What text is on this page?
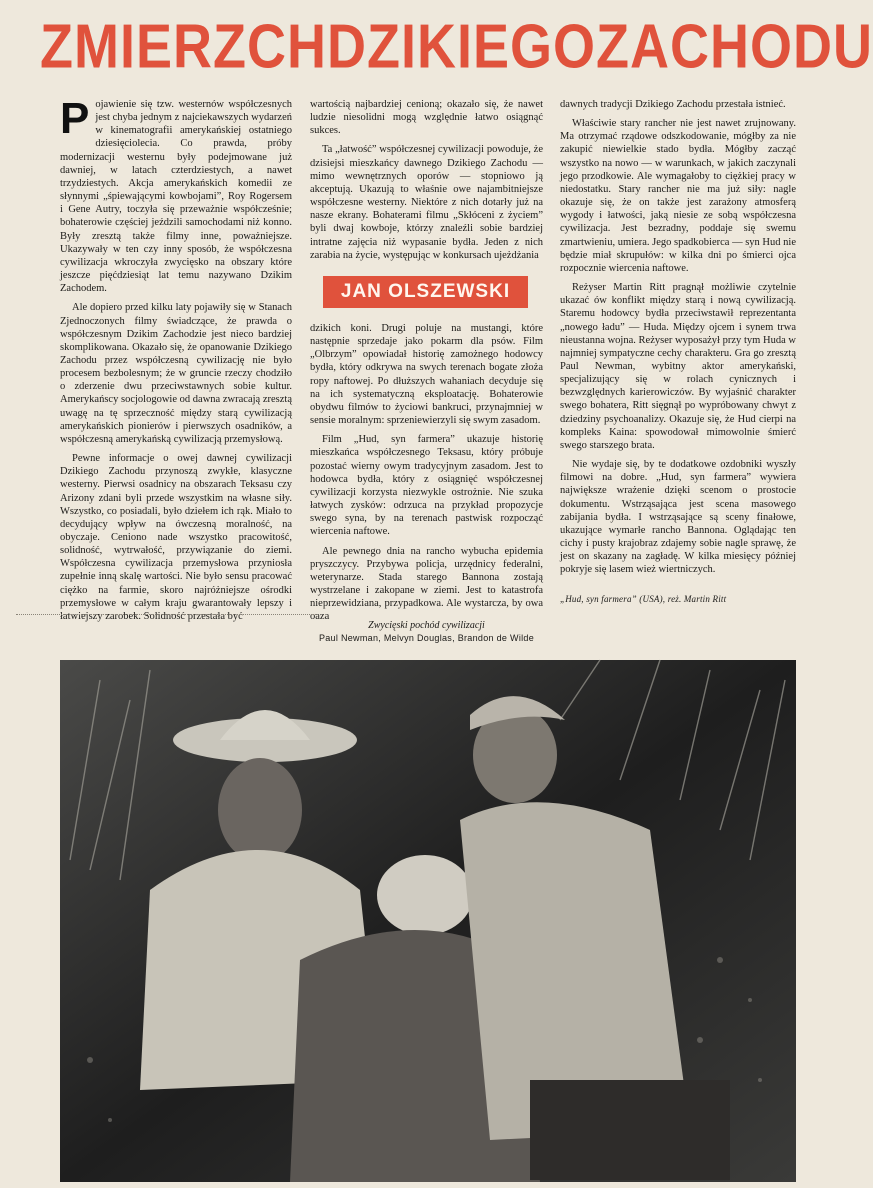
ZMIERZCH DZIKIEGO ZACHODU

Pojawienie się tzw. westernów współczesnych jest chyba jednym z najciekawszych wydarzeń w kinematografii amerykańskiej ostatniego dziesięciolecia. Co prawda, próby modernizacji westernu były podejmowane już dawniej, w latach czterdziestych, a nawet trzydziestych. Akcja amerykańskich komedii ze słynnymi „śpiewającymi kowbojami”, Roy Rogersem i Gene Autry, toczyła się przeważnie współcześnie; bohaterowie częściej jeździli samochodami niż konno. Były zresztą także filmy inne, poważniejsze. Ukazywały w ten czy inny sposób, że współczesna cywilizacja wkroczyła zwycięsko na obszary które jeszcze pięćdziesiąt lat temu nazywano Dzikim Zachodem.

Ale dopiero przed kilku laty pojawiły się w Stanach Zjednoczonych filmy świadczące, że prawda o współczesnym Dzikim Zachodzie jest nieco bardziej skomplikowana. Okazało się, że opanowanie Dzikiego Zachodu przez współczesną cywilizację nie było procesem bezbolesnym; że w gruncie rzeczy chodziło o zderzenie dwu przeciwstawnych sobie kultur. Amerykańscy socjologowie od dawna zwracają zresztą uwagę na tę sprzeczność między starą cywilizacją amerykańskich pionierów i pierwszych osadników, a współczesną amerykańską cywilizacją przemysłową.

Pewne informacje o owej dawnej cywilizacji Dzikiego Zachodu przynoszą zwykłe, klasyczne westerny. Pierwsi osadnicy na obszarach Teksasu czy Arizony zdani byli przede wszystkim na własne siły. Wszystko, co posiadali, było dziełem ich rąk. Miało to decydujący wpływ na ówczesną moralność, na obyczaje. Ceniono nade wszystko pracowitość, solidność, wytrwałość, przywiązanie do ziemi. Współczesna cywilizacja przemysłowa przyniosła zupełnie inną skalę wartości. Nie było sensu pracować ciężko na farmie, skoro najróżniejsze ośrodki przemysłowe w całym kraju gwarantowały lepszy i łatwiejszy zarobek. Solidność przestała być

wartością najbardziej cenioną; okazało się, że nawet ludzie niesolidni mogą względnie łatwo osiągnąć sukces.

Ta „łatwość” współczesnej cywilizacji powoduje, że dzisiejsi mieszkańcy dawnego Dzikiego Zachodu — mimo wewnętrznych oporów — stopniowo ją akceptują. Ukazują to właśnie owe najambitniejsze współczesne westerny. Niektóre z nich dotarły już na nasze ekrany. Bohaterami filmu „Skłóceni z życiem” byli dwaj kowboje, którzy znaleźli sobie bardziej intratne zajęcia niż wypasanie bydła. Jeden z nich zarabia na życie, występując w konkursach ujeżdżania

JAN OLSZEWSKI

dzikich koni. Drugi poluje na mustangi, które następnie sprzedaje jako pokarm dla psów. Film „Olbrzym” opowiadał historię zamożnego hodowcy bydła, który odkrywa na swych terenach bogate złoża ropy naftowej. Po dłuższych wahaniach decyduje się na ich systematyczną eksploatację. Bohaterowie obydwu filmów to życiowi bankruci, przynajmniej w sensie moralnym: sprzeniewierzyli się swym zasadom.

Film „Hud, syn farmera” ukazuje historię mieszkańca współczesnego Teksasu, który próbuje pozostać wierny owym tradycyjnym zasadom. Jest to hodowca bydła, który z osiągnięć współczesnej cywilizacji korzysta niezwykle ostrożnie. Nie szuka łatwych zysków: odrzuca na przykład propozycje swego syna, by na terenach pastwisk rozpocząć wiercenia naftowe.

Ale pewnego dnia na rancho wybucha epidemia pryszczycy. Przybywa policja, urzędnicy federalni, weterynarze. Stada starego Bannona zostają wystrzelane i zakopane w ziemi. Jest to katastrofa nieprzewidziana, przypadkowa. Ale wystarcza, by owa oaza

dawnych tradycji Dzikiego Zachodu przestała istnieć.

Właściwie stary rancher nie jest nawet zrujnowany. Ma otrzymać rządowe odszkodowanie, mógłby za nie zakupić niewielkie stado bydła. Mógłby zacząć wszystko na nowo — w warunkach, w jakich zaczynali jego przodkowie. Ale wymagałoby to ciężkiej pracy w niedostatku. Stary rancher nie ma już siły: nagle okazuje się, że on także jest zarażony atmosferą wygody i łatwości, jaką niesie ze sobą współczesna cywilizacja. Jest bezradny, poddaje się swemu zmartwieniu, umiera. Jego spadkobierca — syn Hud nie będzie miał skrupułów: w kilka dni po śmierci ojca rozpocznie wiercenia naftowe.

Reżyser Martin Ritt pragnął możliwie czytelnie ukazać ów konflikt między starą i nową cywilizacją. Staremu hodowcy bydła przeciwstawił reprezentanta „nowego ładu” — Huda. Między ojcem i synem trwa nieustanna wojna. Reżyser wyposażył przy tym Huda w najmniej sympatyczne cechy charakteru. Gra go zresztą Paul Newman, wybitny aktor amerykański, specjalizujący się w rolach cynicznych i bezwzględnych karierowiczów. By wyjaśnić charakter swego bohatera, Ritt sięgnął po wypróbowany chwyt z dziedziny psychoanalizy. Okazuje się, że Hud cierpi na kompleks Kaina: spowodował mimowolnie śmierć swego starszego brata.

Nie wydaje się, by te dodatkowe ozdobniki wyszły filmowi na dobre. „Hud, syn farmera” wywiera największe wrażenie dzięki scenom o prostocie dokumentu. Wstrząsająca jest scena masowego zabijania bydła. I wstrząsające są sceny finałowe, ukazujące wymarłe rancho Bannona. Oglądając ten cichy i pusty krajobraz zdajemy sobie nagle sprawę, że jest on skazany na zagładę. W kilka miesięcy później pokryje się lasem wież wiertniczych.

„Hud, syn farmera” (USA), reż. Martin Ritt
Zwycięski pochód cywilizacji
Paul Newman, Melvyn Douglas, Brandon de Wilde
